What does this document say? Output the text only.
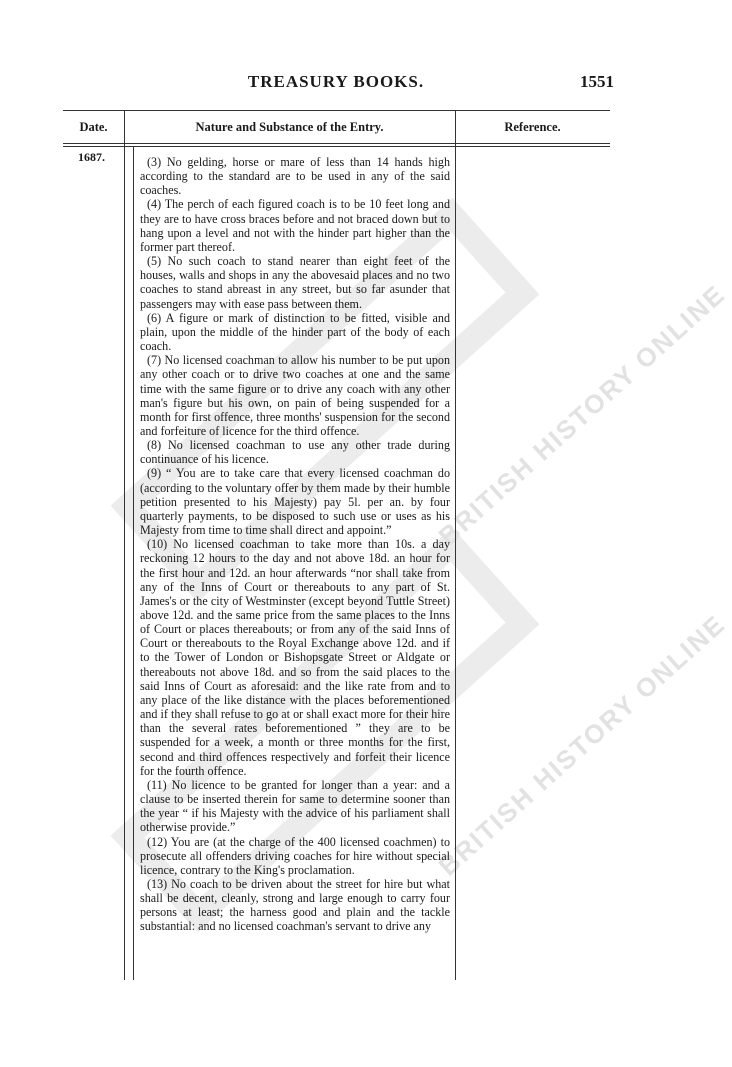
BRITISH HISTORY ONLINE
BRITISH HISTORY ONLINE
TREASURY BOOKS.	1551
Date.	Nature and Substance of the Entry.	Reference.
1687.	(3) No gelding, horse or mare of less than 14 hands high according to the standard are to be used in any of the said coaches.

(4) The perch of each figured coach is to be 10 feet long and they are to have cross braces before and not braced down but to hang upon a level and not with the hinder part higher than the former part thereof.

(5) No such coach to stand nearer than eight feet of the houses, walls and shops in any the abovesaid places and no two coaches to stand abreast in any street, but so far asunder that passengers may with ease pass between them.

(6) A figure or mark of distinction to be fitted, visible and plain, upon the middle of the hinder part of the body of each coach.

(7) No licensed coachman to allow his number to be put upon any other coach or to drive two coaches at one and the same time with the same figure or to drive any coach with any other man's figure but his own, on pain of being suspended for a month for first offence, three months' suspension for the second and forfeiture of licence for the third offence.

(8) No licensed coachman to use any other trade during continuance of his licence.

(9) “ You are to take care that every licensed coachman do (according to the voluntary offer by them made by their humble petition presented to his Majesty) pay 5l. per an. by four quarterly payments, to be disposed to such use or uses as his Majesty from time to time shall direct and appoint.”

(10) No licensed coachman to take more than 10s. a day reckoning 12 hours to the day and not above 18d. an hour for the first hour and 12d. an hour afterwards “nor shall take from any of the Inns of Court or thereabouts to any part of St. James's or the city of Westminster (except beyond Tuttle Street) above 12d. and the same price from the same places to the Inns of Court or places thereabouts; or from any of the said Inns of Court or thereabouts to the Royal Exchange above 12d. and if to the Tower of London or Bishopsgate Street or Aldgate or thereabouts not above 18d. and so from the said places to the said Inns of Court as aforesaid: and the like rate from and to any place of the like distance with the places beforementioned and if they shall refuse to go at or shall exact more for their hire than the several rates beforementioned ” they are to be suspended for a week, a month or three months for the first, second and third offences respectively and forfeit their licence for the fourth offence.

(11) No licence to be granted for longer than a year: and a clause to be inserted therein for same to determine sooner than the year “ if his Majesty with the advice of his parliament shall otherwise provide.”

(12) You are (at the charge of the 400 licensed coachmen) to prosecute all offenders driving coaches for hire without special licence, contrary to the King's proclamation.

(13) No coach to be driven about the street for hire but what shall be decent, cleanly, strong and large enough to carry four persons at least; the harness good and plain and the tackle substantial: and no licensed coachman's servant to drive any
